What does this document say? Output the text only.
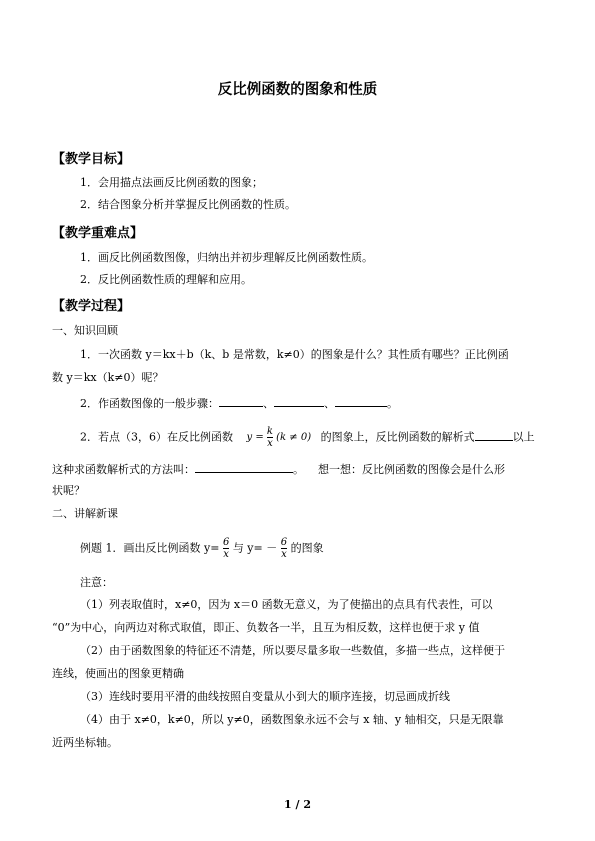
反比例函数的图象和性质
【教学目标】
1．会用描点法画反比例函数的图象；
2．结合图象分析并掌握反比例函数的性质。
【教学重难点】
1．画反比例函数图像，归纳出并初步理解反比例函数性质。
2．反比例函数性质的理解和应用。
【教学过程】
一、知识回顾
1．一次函数 y＝kx＋b（k、b 是常数，k≠0）的图象是什么？其性质有哪些？正比例函
数 y＝kx（k≠0）呢？
2．作函数图像的一般步骤：	、	、	。
2．若点（3，6）在反比例函数 $y = \frac{k}{x} (k \ne 0)$ 的图象上，反比例函数的解析式	以上
这种求函数解析式的方法叫：	。 想一想：反比例函数的图像会是什么形
状呢？
二、讲解新课
例题 1．画出反比例函数 $y= \frac{6}{x}$ 与 $y= - \frac{6}{x}$ 的图象
注意：
（1）列表取值时，x≠0，因为 x＝0 函数无意义，为了使描出的点具有代表性，可以
“0”为中心，向两边对称式取值，即正、负数各一半，且互为相反数，这样也便于求 y 值
（2）由于函数图象的特征还不清楚，所以要尽量多取一些数值，多描一些点，这样便于
连线，使画出的图象更精确
（3）连线时要用平滑的曲线按照自变量从小到大的顺序连接，切忌画成折线
（4）由于 x≠0，k≠0，所以 y≠0，函数图象永远不会与 x 轴、y 轴相交，只是无限靠
近两坐标轴。
1 / 2
